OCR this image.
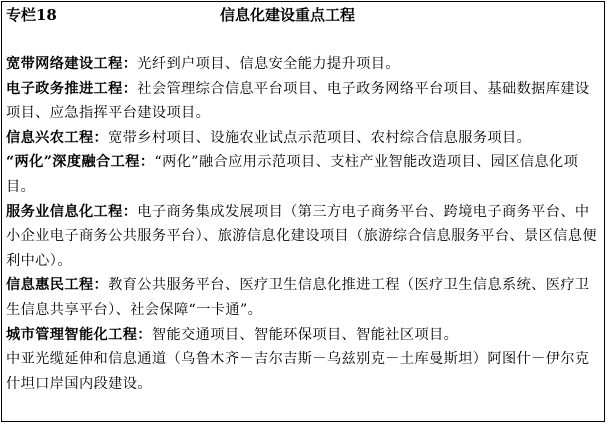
专栏18	信息化建设重点工程

宽带网络建设工程：光纤到户项目、信息安全能力提升项目。

电子政务推进工程：社会管理综合信息平台项目、电子政务网络平台项目、基础数据库建设项目、应急指挥平台建设项目。

信息兴农工程：宽带乡村项目、设施农业试点示范项目、农村综合信息服务项目。

“两化”深度融合工程：“两化”融合应用示范项目、支柱产业智能改造项目、园区信息化项目。

服务业信息化工程：电子商务集成发展项目（第三方电子商务平台、跨境电子商务平台、中小企业电子商务公共服务平台）、旅游信息化建设项目（旅游综合信息服务平台、景区信息便利中心）。

信息惠民工程：教育公共服务平台、医疗卫生信息化推进工程（医疗卫生信息系统、医疗卫生信息共享平台）、社会保障“一卡通”。

城市管理智能化工程：智能交通项目、智能环保项目、智能社区项目。

中亚光缆延伸和信息通道（乌鲁木齐－吉尔吉斯－乌兹别克－土库曼斯坦）阿图什－伊尔克什坦口岸国内段建设。
